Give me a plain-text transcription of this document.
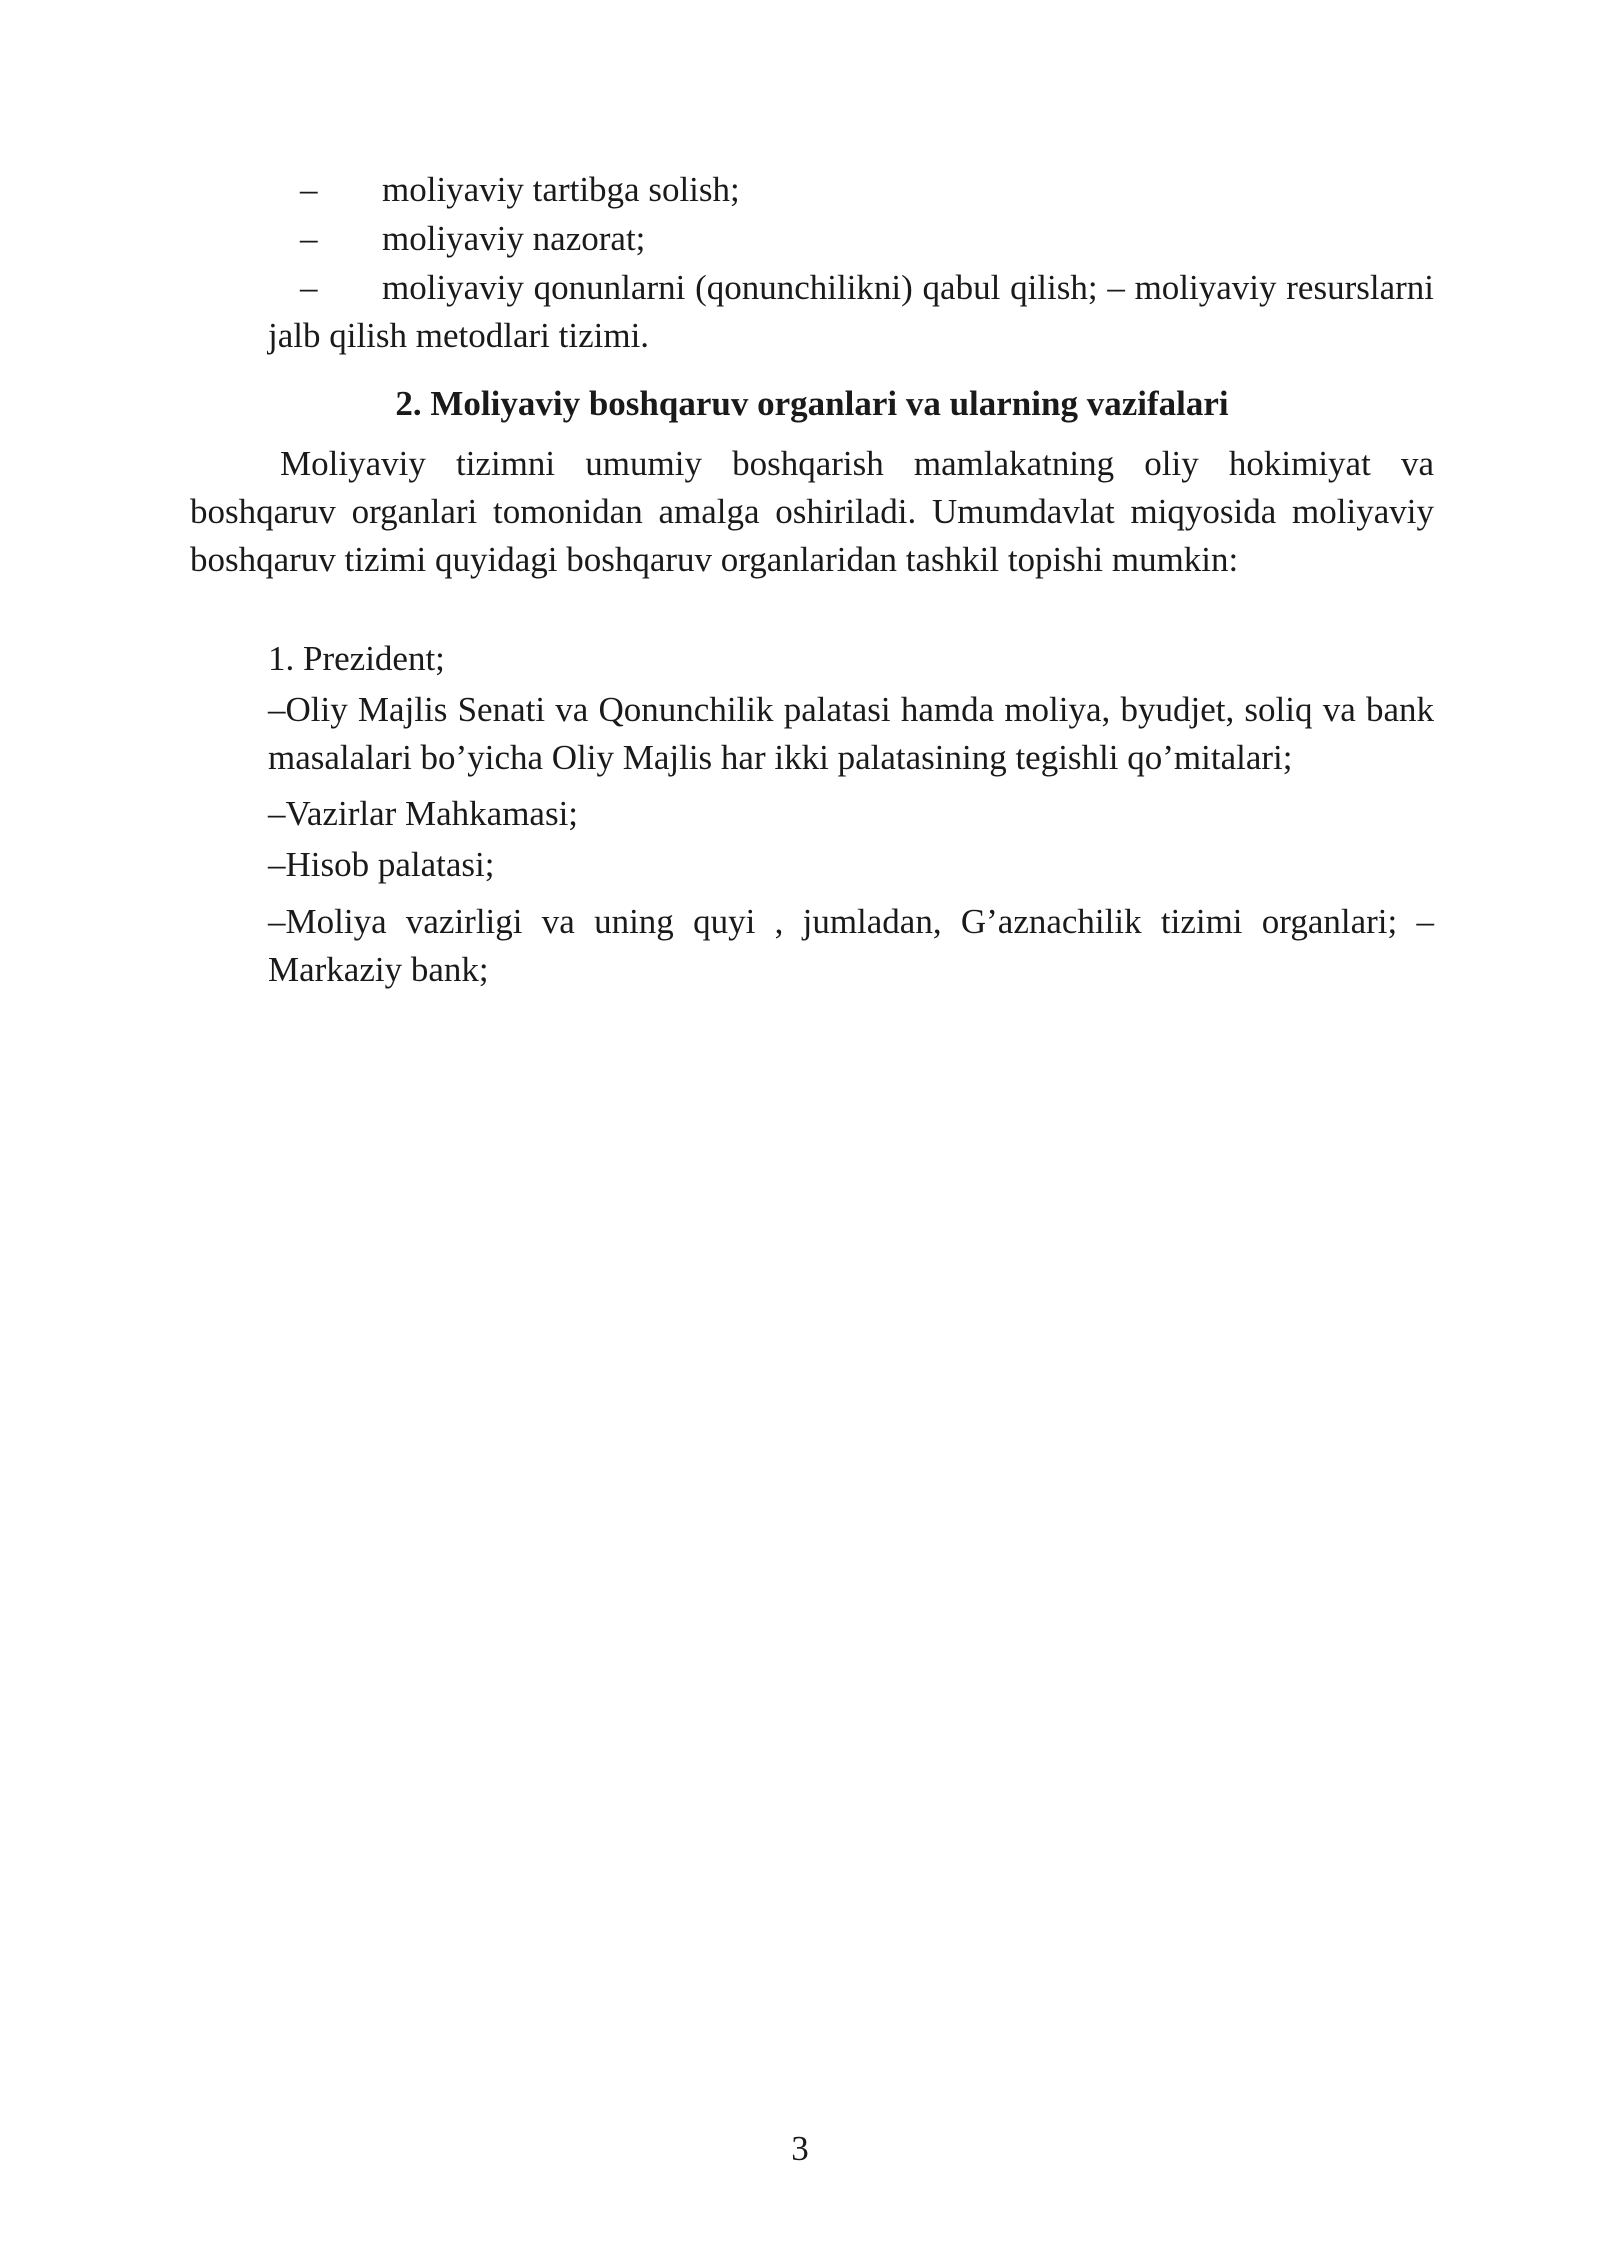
– moliyaviy tartibga solish;
– moliyaviy nazorat;
–	moliyaviy qonunlarni (qonunchilikni) qabul qilish; – moliyaviy resurslarni jalb qilish metodlari tizimi.
2. Moliyaviy boshqaruv organlari va ularning vazifalari
Moliyaviy tizimni umumiy boshqarish mamlakatning oliy hokimiyat va boshqaruv organlari tomonidan amalga oshiriladi. Umumdavlat miqyosida moliyaviy boshqaruv tizimi quyidagi boshqaruv organlaridan tashkil topishi mumkin:
1. Prezident;
–Oliy Majlis Senati va Qonunchilik palatasi hamda moliya, byudjet, soliq va bank masalalari bo’yicha Oliy Majlis har ikki palatasining tegishli qo’mitalari;
–Vazirlar Mahkamasi;
–Hisob palatasi;
–Moliya vazirligi va uning quyi , jumladan, G’aznachilik tizimi organlari; – Markaziy bank;
3
